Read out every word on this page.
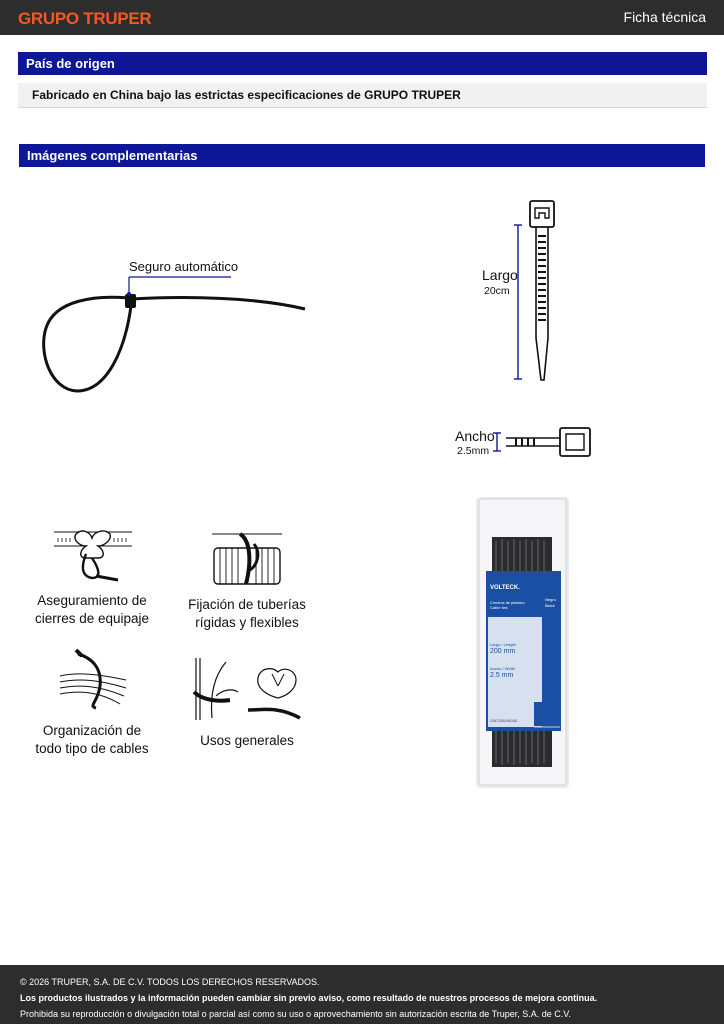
GRUPO TRUPER	Ficha técnica
País de origen
Fabricado en China bajo las estrictas especificaciones de GRUPO TRUPER
Imágenes complementarias
Seguro automático
Largo
20cm
Ancho
2.5mm
Aseguramiento de
cierres de equipaje
Fijación de tuberías
rígidas y flexibles
Organización de
todo tipo de cables
Usos generales
VOLTECK.
Cinchos de plástico
Cable ties
Negro
Black
Largo / Length
200 mm
Ancho / Width
2.5 mm
CINT-200-NX100
© 2026 TRUPER, S.A. DE C.V. TODOS LOS DERECHOS RESERVADOS.
Los productos ilustrados y la información pueden cambiar sin previo aviso, como resultado de nuestros procesos de mejora continua.
Prohibida su reproducción o divulgación total o parcial así como su uso o aprovechamiento sin autorización escrita de Truper, S.A. de C.V.
